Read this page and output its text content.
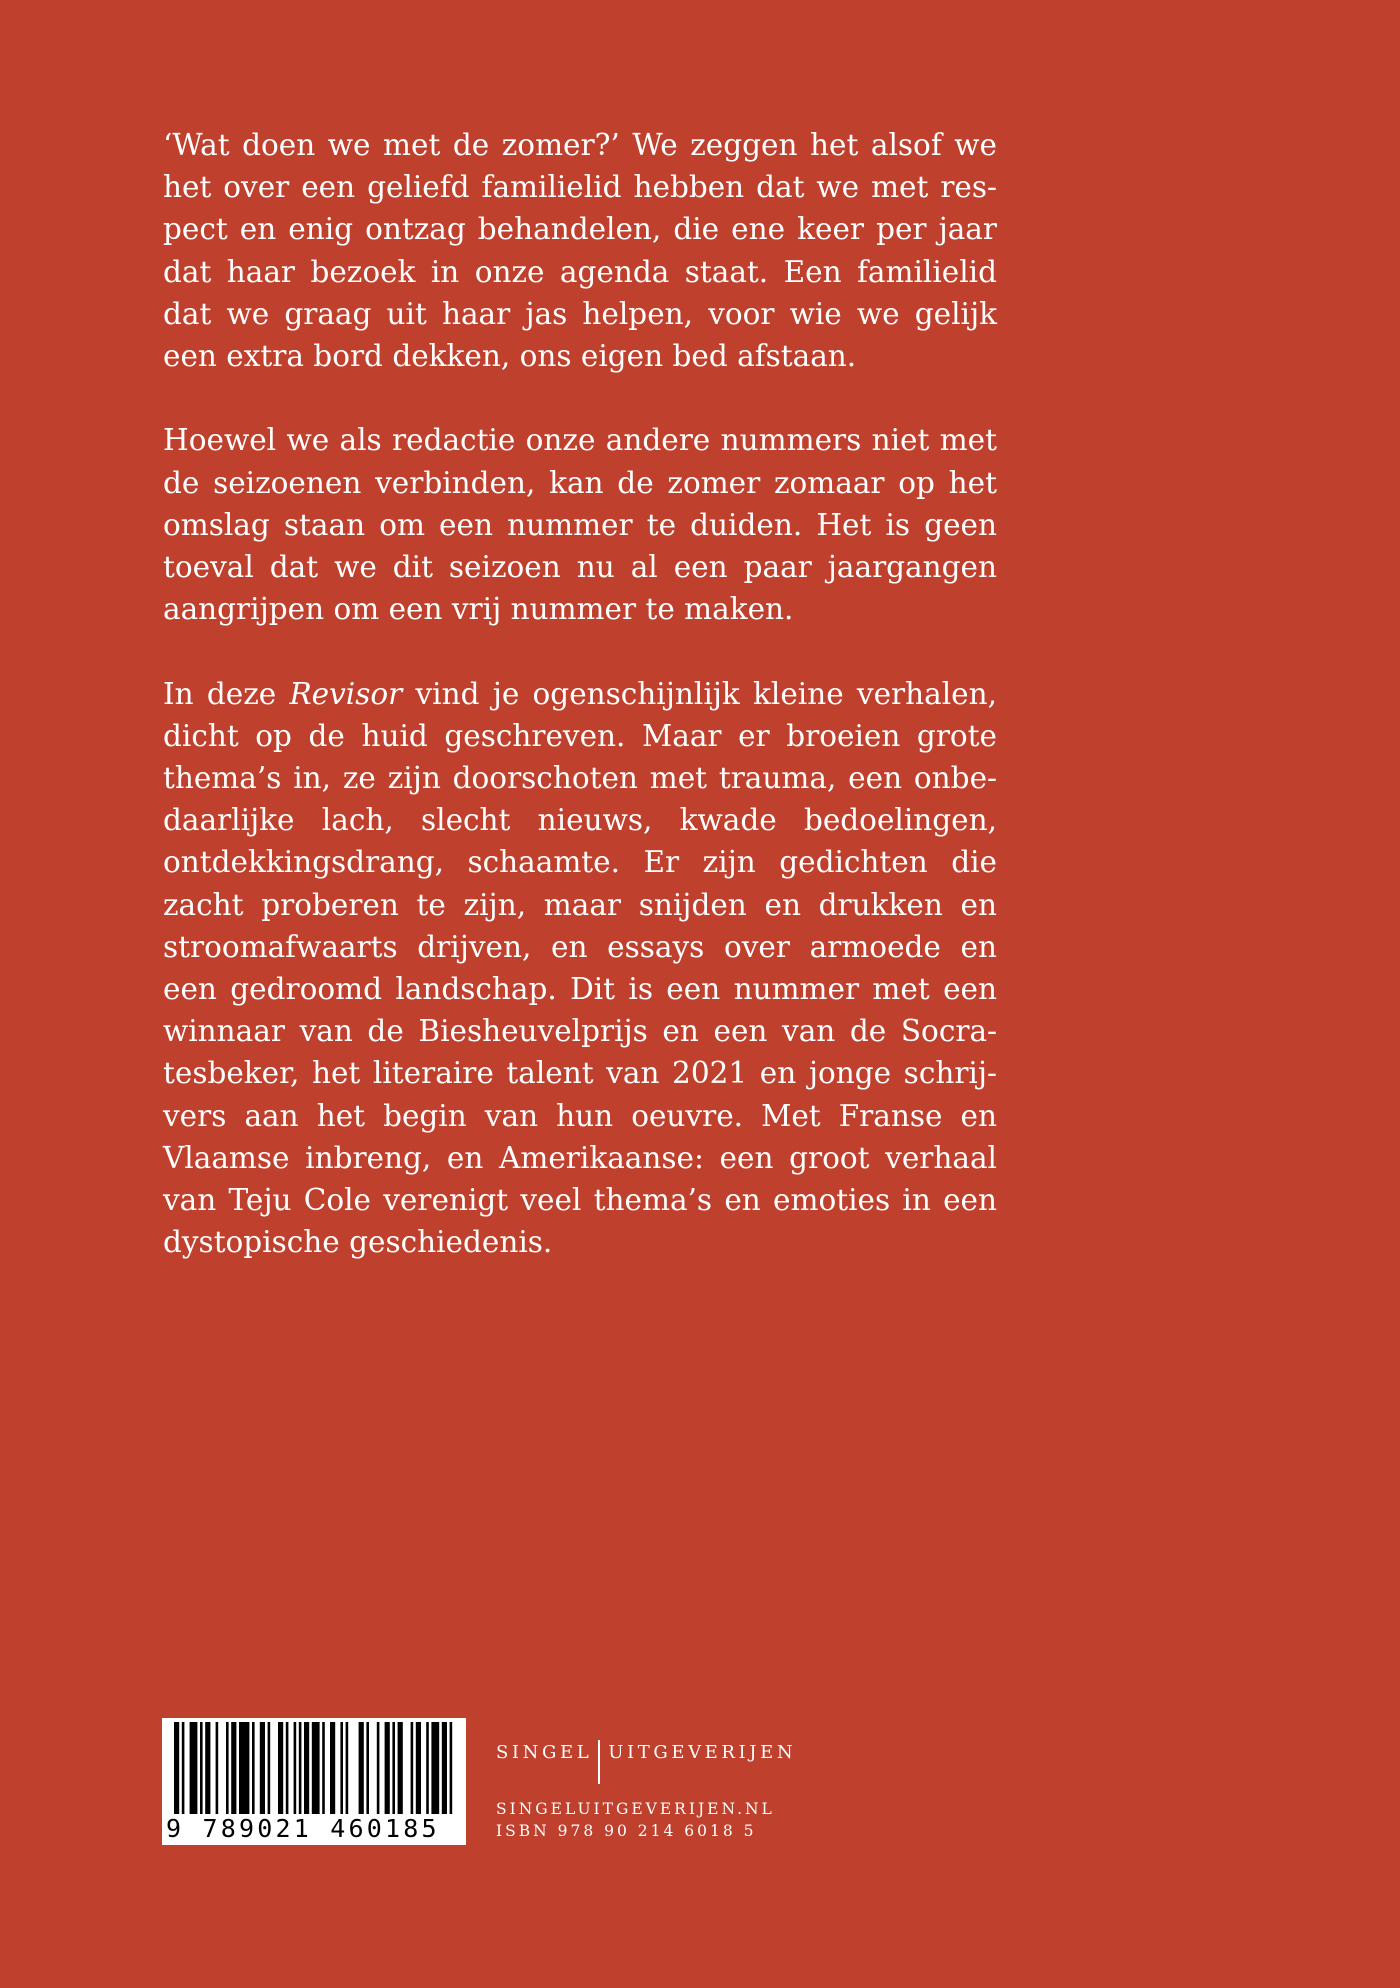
‘Wat doen we met de zomer?’ We zeggen het alsof we het over een geliefd familielid hebben dat we met respect en enig ontzag behandelen, die ene keer per jaar dat haar bezoek in onze agenda staat. Een familielid dat we graag uit haar jas helpen, voor wie we gelijk een extra bord dekken, ons eigen bed afstaan.

Hoewel we als redactie onze andere nummers niet met de seizoenen verbinden, kan de zomer zomaar op het omslag staan om een nummer te duiden. Het is geen toeval dat we dit seizoen nu al een paar jaargangen aangrijpen om een vrij nummer te maken.

In deze Revisor vind je ogenschijnlijk kleine verhalen, dicht op de huid geschreven. Maar er broeien grote thema’s in, ze zijn doorschoten met trauma, een onbedaarlijke lach, slecht nieuws, kwade bedoelingen, ontdekkingsdrang, schaamte. Er zijn gedichten die zacht proberen te zijn, maar snijden en drukken en stroomafwaarts drijven, en essays over armoede en een gedroomd landschap. Dit is een nummer met een winnaar van de Biesheuvelprijs en een van de Socratesbeker, het literaire talent van 2021 en jonge schrijvers aan het begin van hun oeuvre. Met Franse en Vlaamse inbreng, en Amerikaanse: een groot verhaal van Teju Cole verenigt veel thema’s en emoties in een dystopische geschiedenis.

9 789021 460185
SINGEL UITGEVERIJEN
SINGELUITGEVERIJEN.NL
ISBN 978 90 214 6018 5
